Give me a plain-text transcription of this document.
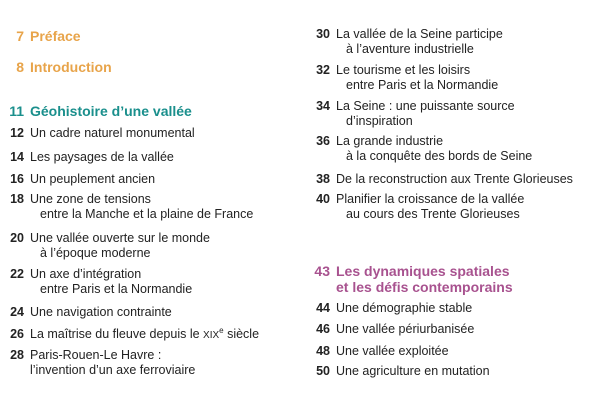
7 Préface
8 Introduction
11 Géohistoire d’une vallée
12 Un cadre naturel monumental
14 Les paysages de la vallée
16 Un peuplement ancien
18 Une zone de tensions
entre la Manche et la plaine de France
20 Une vallée ouverte sur le monde
à l’époque moderne
22 Un axe d’intégration
entre Paris et la Normandie
24 Une navigation contrainte
26 La maîtrise du fleuve depuis le XIXe siècle
28 Paris-Rouen-Le Havre :
l’invention d’un axe ferroviaire
30 La vallée de la Seine participe
à l’aventure industrielle
32 Le tourisme et les loisirs
entre Paris et la Normandie
34 La Seine : une puissante source
d’inspiration
36 La grande industrie
à la conquête des bords de Seine
38 De la reconstruction aux Trente Glorieuses
40 Planifier la croissance de la vallée
au cours des Trente Glorieuses
43 Les dynamiques spatiales
et les défis contemporains
44 Une démographie stable
46 Une vallée périurbanisée
48 Une vallée exploitée
50 Une agriculture en mutation
